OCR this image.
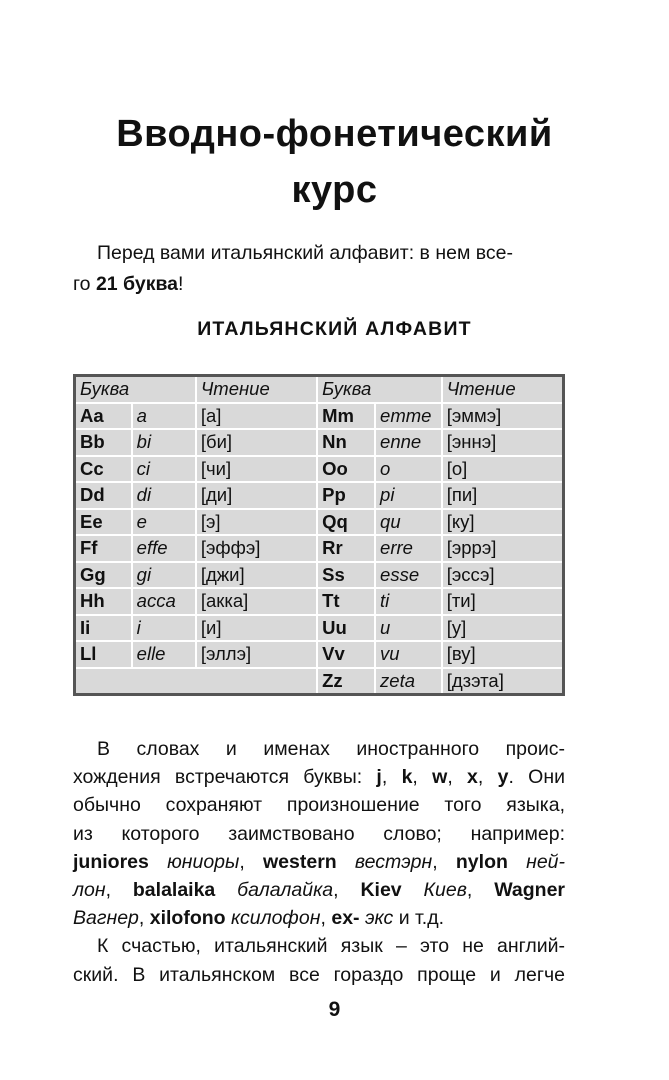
Вводно-фонетический
курс
Перед вами итальянский алфавит: в нем все-
го 21 буква!
ИТАЛЬЯНСКИЙ АЛФАВИТ
Буква		Чтение	Буква		Чтение
Aa	a	[а]	Mm	emme	[эммэ]
Bb	bi	[би]	Nn	enne	[эннэ]
Cc	ci	[чи]	Oo	o	[о]
Dd	di	[ди]	Pp	pi	[пи]
Ee	e	[э]	Qq	qu	[ку]
Ff	effe	[эффэ]	Rr	erre	[эррэ]
Gg	gi	[джи]	Ss	esse	[эссэ]
Hh	acca	[акка]	Tt	ti	[ти]
Ii	i	[и]	Uu	u	[у]
Ll	elle	[эллэ]	Vv	vu	[ву]
			Zz	zeta	[дзэта]
В словах и именах иностранного проис-
хождения встречаются буквы: j, k, w, x, y. Они
обычно сохраняют произношение того языка,
из которого заимствовано слово; например:
juniores юниоры, western вестэрн, nylon ней-
лон, balalaika балалайка, Kiev Киев, Wagner
Вагнер, xilofono ксилофон, ex- экс и т.д.
К счастью, итальянский язык – это не англий-
ский. В итальянском все гораздо проще и легче
9
